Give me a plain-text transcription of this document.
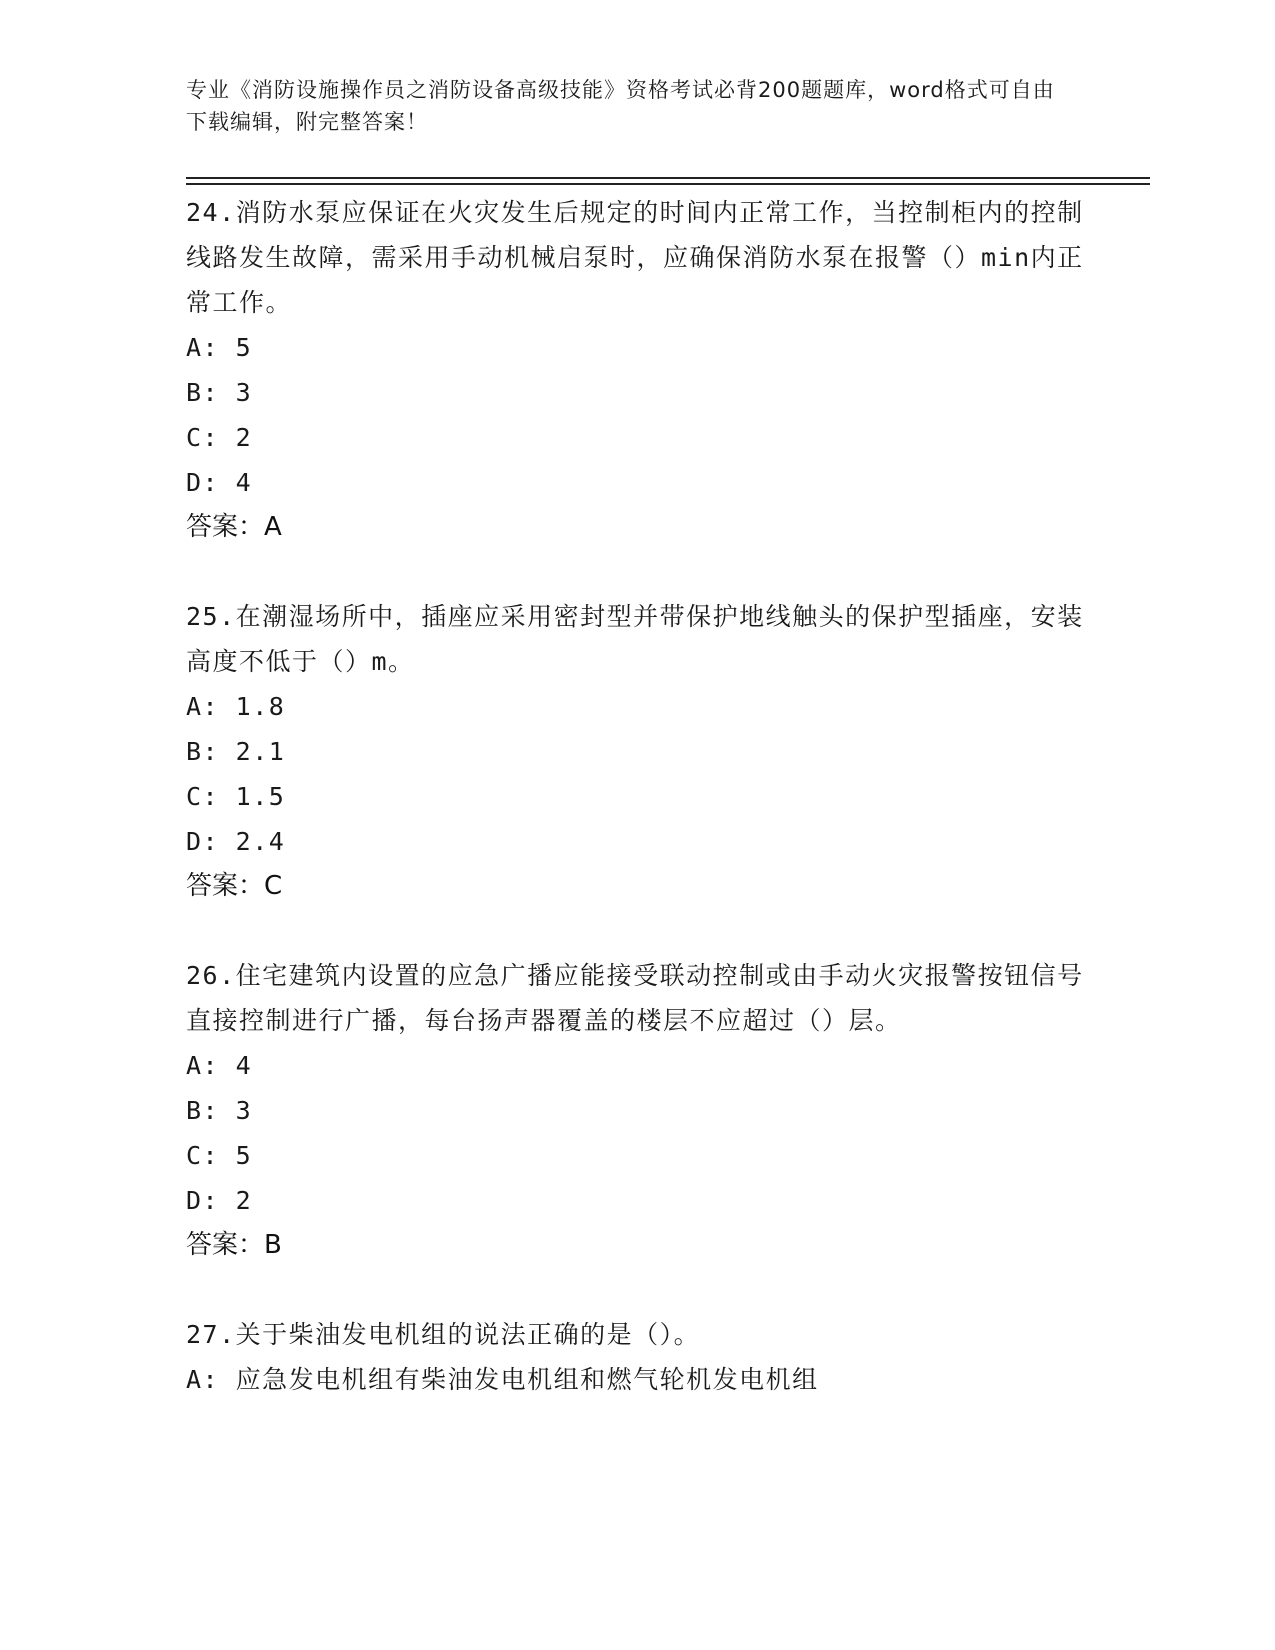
专业《消防设施操作员之消防设备高级技能》资格考试必背200题题库，word格式可自由下载编辑，附完整答案！

24.消防水泵应保证在火灾发生后规定的时间内正常工作，当控制柜内的控制线路发生故障，需采用手动机械启泵时，应确保消防水泵在报警（）min内正常工作。

A: 5

B: 3

C: 2

D: 4

答案：A

25.在潮湿场所中，插座应采用密封型并带保护地线触头的保护型插座，安装高度不低于（）m。

A: 1.8

B: 2.1

C: 1.5

D: 2.4

答案：C

26.住宅建筑内设置的应急广播应能接受联动控制或由手动火灾报警按钮信号直接控制进行广播，每台扬声器覆盖的楼层不应超过（）层。

A: 4

B: 3

C: 5

D: 2

答案：B

27.关于柴油发电机组的说法正确的是（）。

A: 应急发电机组有柴油发电机组和燃气轮机发电机组
